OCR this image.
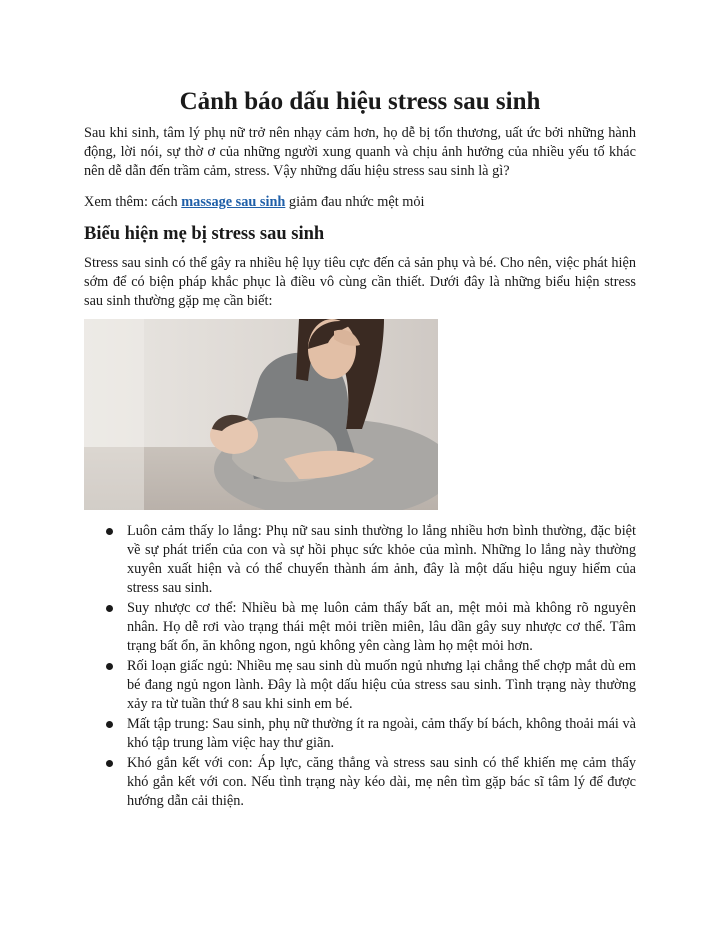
Cảnh báo dấu hiệu stress sau sinh

Sau khi sinh, tâm lý phụ nữ trở nên nhạy cảm hơn, họ dễ bị tổn thương, uất ức bởi những hành động, lời nói, sự thờ ơ của những người xung quanh và chịu ảnh hưởng của nhiều yếu tố khác nên dễ dẫn đến trầm cảm, stress. Vậy những dấu hiệu stress sau sinh là gì?

Xem thêm: cách massage sau sinh giảm đau nhức mệt mỏi

Biểu hiện mẹ bị stress sau sinh

Stress sau sinh có thể gây ra nhiều hệ lụy tiêu cực đến cả sản phụ và bé. Cho nên, việc phát hiện sớm để có biện pháp khắc phục là điều vô cùng cần thiết. Dưới đây là những biểu hiện stress sau sinh thường gặp mẹ cần biết:

Luôn cảm thấy lo lắng: Phụ nữ sau sinh thường lo lắng nhiều hơn bình thường, đặc biệt về sự phát triển của con và sự hồi phục sức khỏe của mình. Những lo lắng này thường xuyên xuất hiện và có thể chuyển thành ám ảnh, đây là một dấu hiệu nguy hiểm của stress sau sinh.
Suy nhược cơ thể: Nhiều bà mẹ luôn cảm thấy bất an, mệt mỏi mà không rõ nguyên nhân. Họ dễ rơi vào trạng thái mệt mỏi triền miên, lâu dần gây suy nhược cơ thể. Tâm trạng bất ổn, ăn không ngon, ngủ không yên càng làm họ mệt mỏi hơn.
Rối loạn giấc ngủ: Nhiều mẹ sau sinh dù muốn ngủ nhưng lại chẳng thể chợp mắt dù em bé đang ngủ ngon lành. Đây là một dấu hiệu của stress sau sinh. Tình trạng này thường xảy ra từ tuần thứ 8 sau khi sinh em bé.
Mất tập trung: Sau sinh, phụ nữ thường ít ra ngoài, cảm thấy bí bách, không thoải mái và khó tập trung làm việc hay thư giãn.
Khó gắn kết với con: Áp lực, căng thẳng và stress sau sinh có thể khiến mẹ cảm thấy khó gắn kết với con. Nếu tình trạng này kéo dài, mẹ nên tìm gặp bác sĩ tâm lý để được hướng dẫn cải thiện.
